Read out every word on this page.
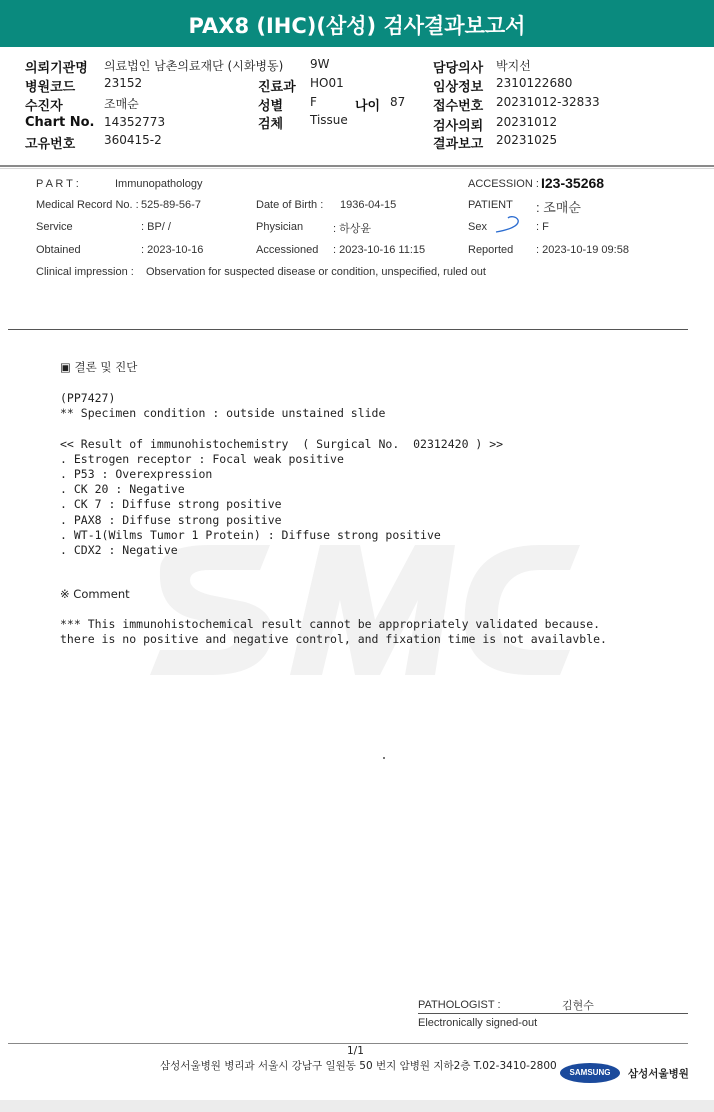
PAX8 (IHC)(삼성) 검사결과보고서
의뢰기관명 의료법인 남촌의료재단 (시화병동) 9W	담당의사 박지선
병원코드 23152	진료과 HO01	임상정보 2310122680
수진자	조매순	성별 F	나이 87 접수번호 20231012-32833
Chart No. 14352773	검체 Tissue	검사의뢰 20231012
고유번호 360415-2	결과보고 20231025
P A R T :	Immunopathology	ACCESSION : I23-35268
Medical Record No. : 525-89-56-7	Date of Birth : 1936-04-15	PATIENT : 조매순
Service	: BP/ /	Physician	: 하상윤	Sex	: F
Obtained	: 2023-10-16	Accessioned : 2023-10-16 11:15	Reported : 2023-10-19 09:58
Clinical impression : Observation for suspected disease or condition, unspecified, ruled out
▣ 결론 및 진단
(PP7427)
** Specimen condition : outside unstained slide
<< Result of immunohistochemistry  ( Surgical No.  02312420 ) >>
. Estrogen receptor : Focal weak positive
. P53 : Overexpression
. CK 20 : Negative
. CK 7 : Diffuse strong positive
. PAX8 : Diffuse strong positive
. WT-1(Wilms Tumor 1 Protein) : Diffuse strong positive
. CDX2 : Negative
※ Comment
*** This immunohistochemical result cannot be appropriately validated because.
there is no positive and negative control, and fixation time is not availavble.
PATHOLOGIST :	김현수
Electronically signed-out
1/1
삼성서울병원 병리과 서울시 강남구 일원동 50 번지 암병원 지하2층 T.02-3410-2800
SAMSUNG	삼성서울병원
